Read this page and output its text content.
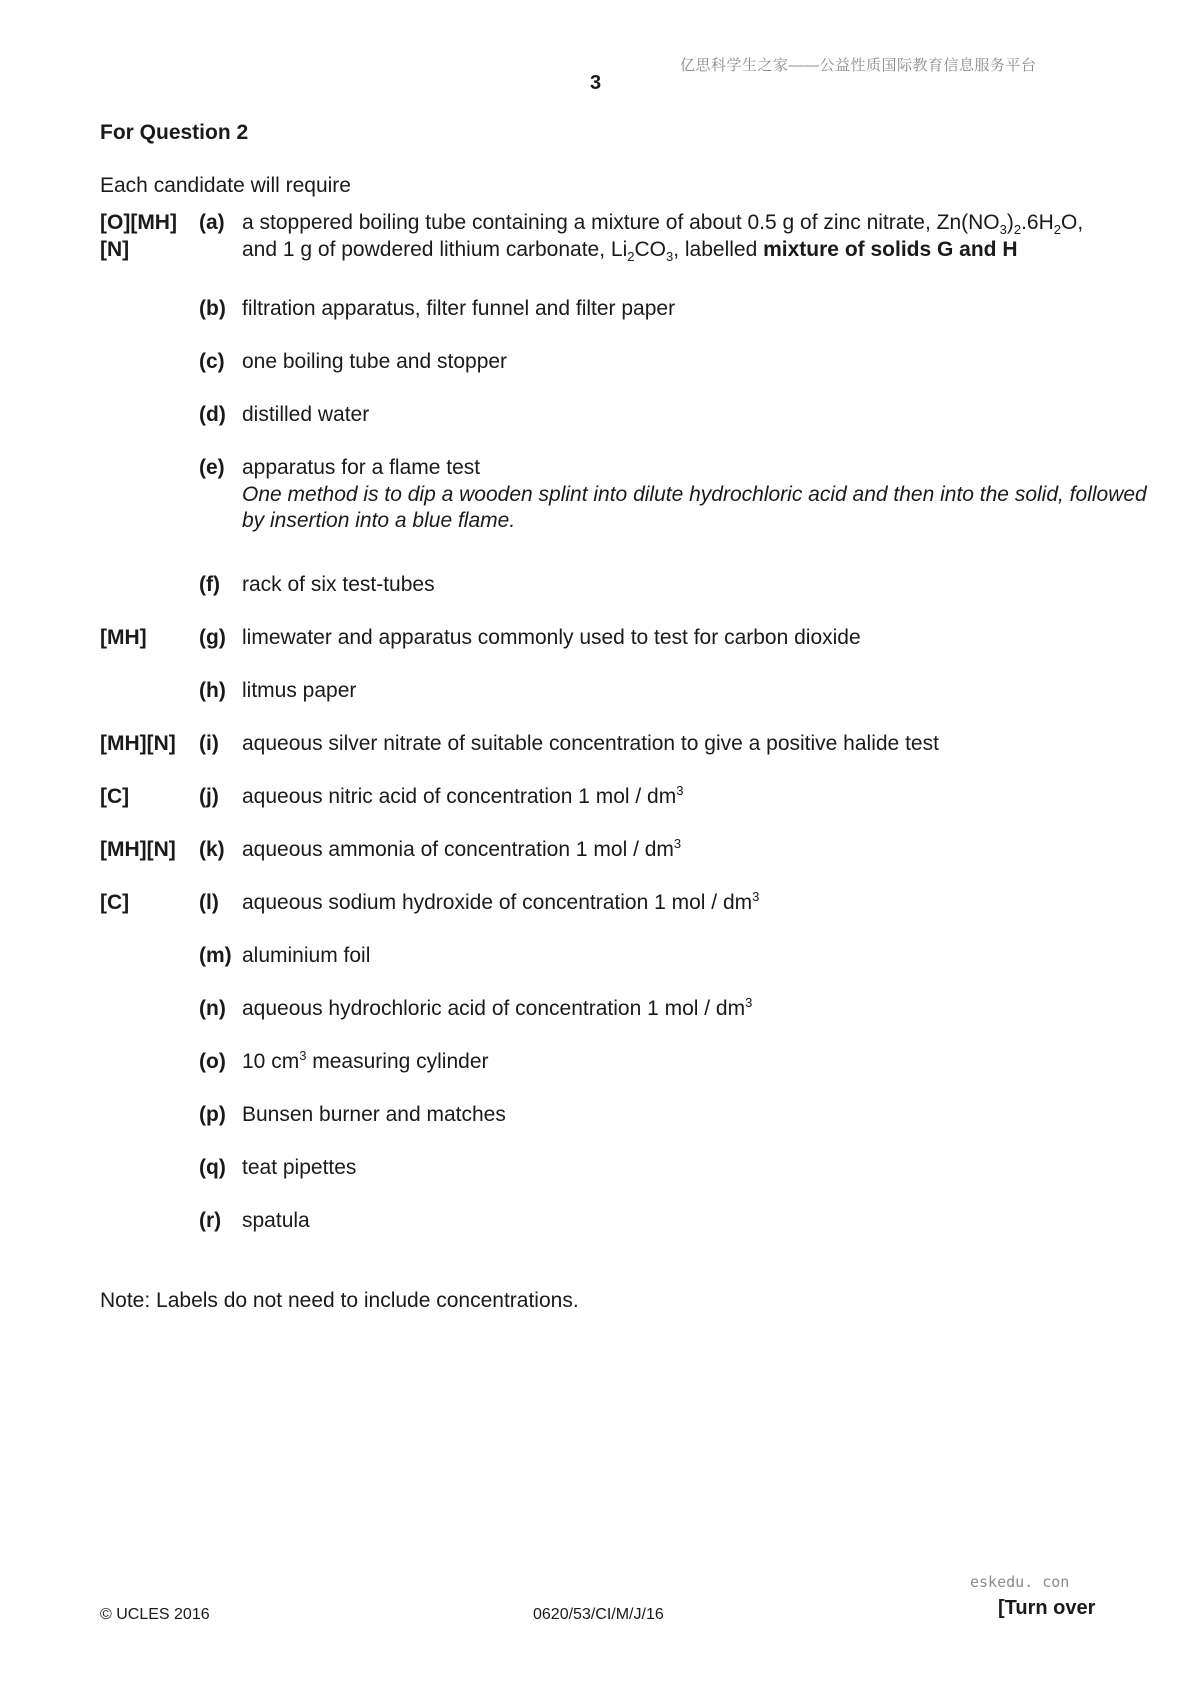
亿思科学生之家——公益性质国际教育信息服务平台
3
For Question 2
Each candidate will require
[O][MH]
[N]
(a) a stoppered boiling tube containing a mixture of about 0.5 g of zinc nitrate, $Zn(NO_3)_2.6H_2O$,
and 1 g of powdered lithium carbonate, $Li_2CO_3$, labelled mixture of solids G and H
(b) filtration apparatus, filter funnel and filter paper
(c) one boiling tube and stopper
(d) distilled water
(e) apparatus for a flame test
One method is to dip a wooden splint into dilute hydrochloric acid and then into the solid, followed by insertion into a blue flame.
(f)	rack of six test-tubes
[MH]	(g) limewater and apparatus commonly used to test for carbon dioxide
(h) litmus paper
[MH][N]	(i)	aqueous silver nitrate of suitable concentration to give a positive halide test
[C]	(j)	aqueous nitric acid of concentration 1 mol / $dm^3$
[MH][N]	(k) aqueous ammonia of concentration 1 mol / $dm^3$
[C]	(l)	aqueous sodium hydroxide of concentration 1 mol / $dm^3$
(m) aluminium foil
(n) aqueous hydrochloric acid of concentration 1 mol / $dm^3$
(o) 10 $cm^3$ measuring cylinder
(p) Bunsen burner and matches
(q) teat pipettes
(r) spatula
Note: Labels do not need to include concentrations.
eskedu. con
© UCLES 2016	0620/53/CI/M/J/16	[Turn over
